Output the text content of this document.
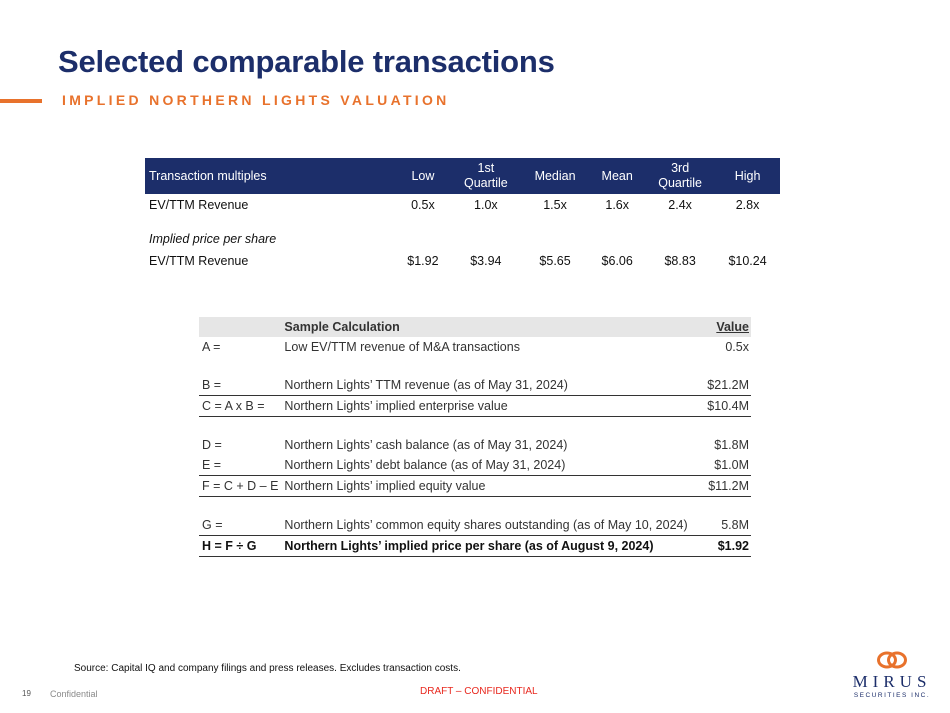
Selected comparable transactions
IMPLIED NORTHERN LIGHTS VALUATION
Transaction multiples	Low	1st Quartile	Median	Mean	3rd Quartile	High
EV/TTM Revenue	0.5x	1.0x	1.5x	1.6x	2.4x	2.8x

Implied price per share						
EV/TTM Revenue	$1.92	$3.94	$5.65	$6.06	$8.83	$10.24
	Sample Calculation	Value
A =	Low EV/TTM revenue of M&A transactions	0.5x

B =	Northern Lights’ TTM revenue (as of May 31, 2024)	$21.2M
C = A x B =	Northern Lights’ implied enterprise value	$10.4M

D =	Northern Lights’ cash balance (as of May 31, 2024)	$1.8M
E =	Northern Lights’ debt balance (as of May 31, 2024)	$1.0M
F = C + D – E	Northern Lights’ implied equity value	$11.2M

G =	Northern Lights’ common equity shares outstanding (as of May 10, 2024)	5.8M
H = F ÷ G	Northern Lights’ implied price per share (as of August 9, 2024)	$1.92
Source: Capital IQ and company filings and press releases. Excludes transaction costs.
19 Confidential	DRAFT – CONFIDENTIAL
MIRUS
SECURITIES INC.
